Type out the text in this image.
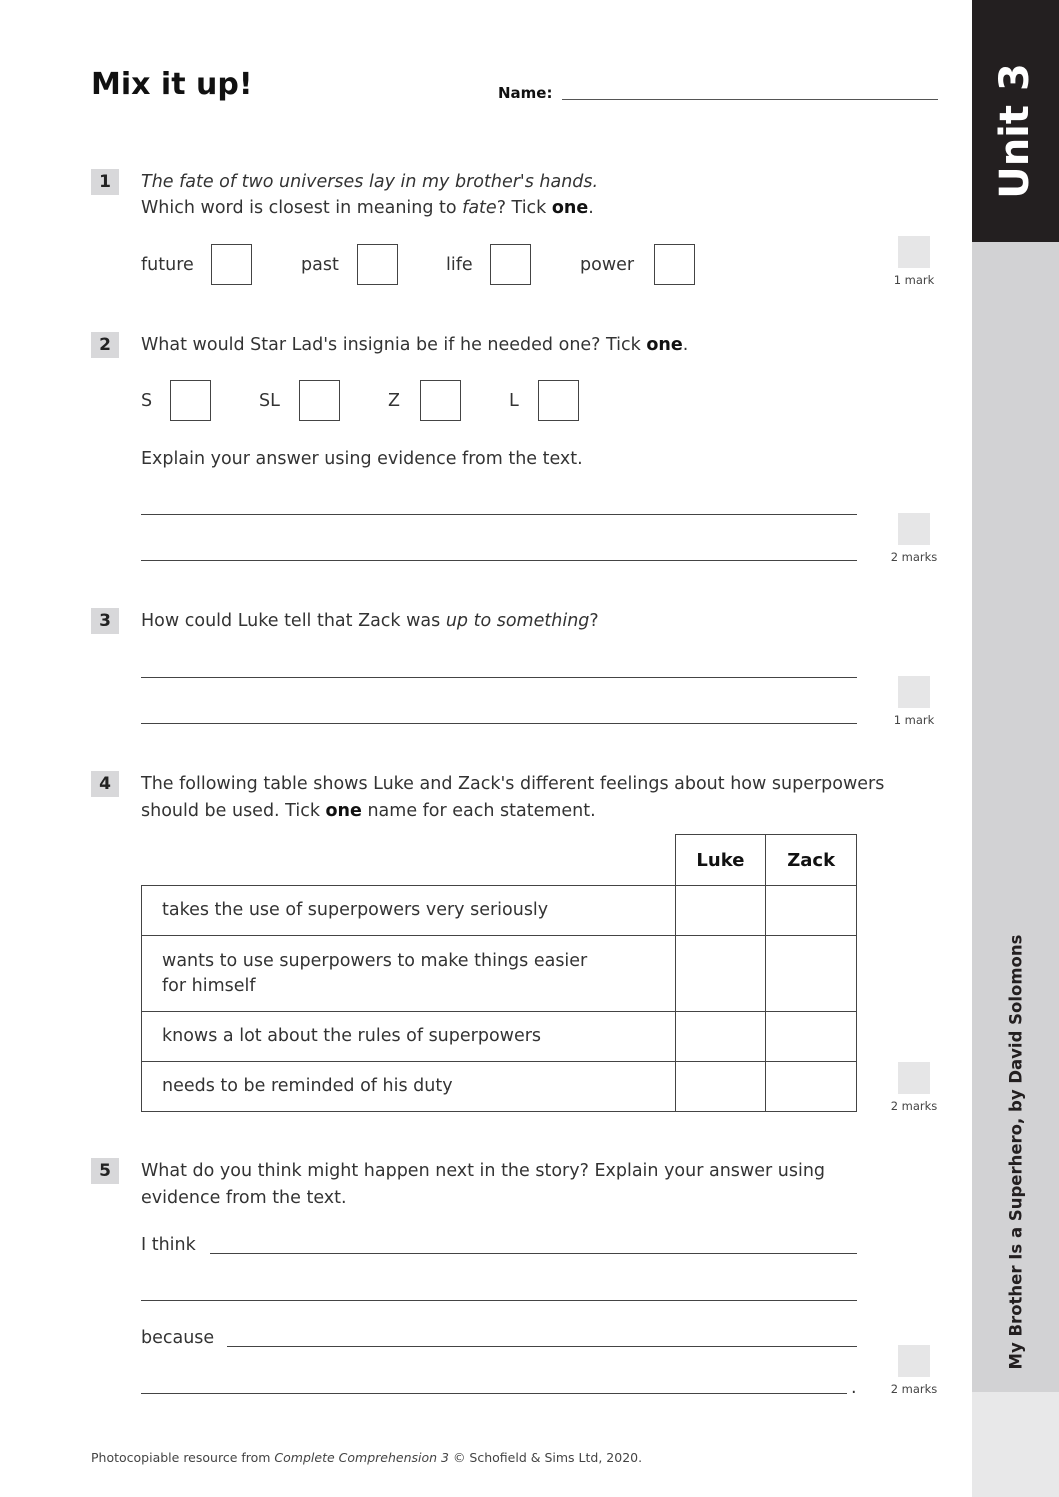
Unit 3
My Brother Is a Superhero, by David Solomons
Mix it up!	Name:
1	The fate of two universes lay in my brother's hands.
Which word is closest in meaning to fate? Tick one.
future	past	life	power
1 mark
2	What would Star Lad's insignia be if he needed one? Tick one.
S	SL	Z	L
Explain your answer using evidence from the text.
2 marks
3	How could Luke tell that Zack was up to something?
1 mark
4	The following table shows Luke and Zack's different feelings about how superpowers
should be used. Tick one name for each statement.
	Luke	Zack
takes the use of superpowers very seriously		

wants to use superpowers to make things easier for himself		

knows a lot about the rules of superpowers		
needs to be reminded of his duty		
2 marks
5	What do you think might happen next in the story? Explain your answer using
evidence from the text.
I think
because
.	2 marks
Photocopiable resource from Complete Comprehension 3 © Schofield & Sims Ltd, 2020.
